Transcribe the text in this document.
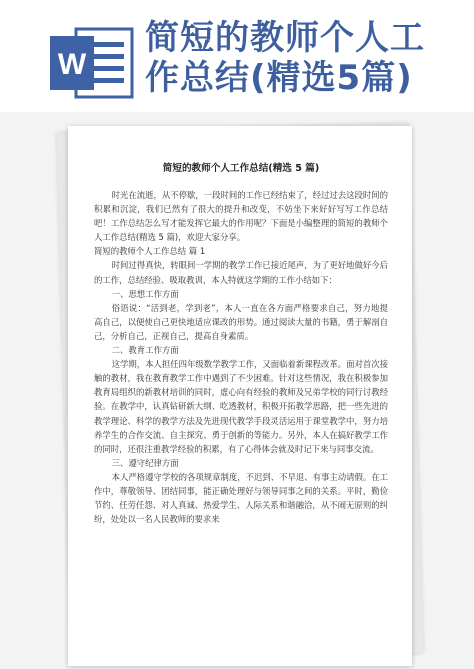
W
简短的教师个人工
作总结(精选5篇)
简短的教师个人工作总结(精选 5 篇)

时光在流逝，从不停歇，一段时间的工作已经结束了，经过过去这段时间的积累和沉淀，我们已然有了很大的提升和改变，不妨坐下来好好写写工作总结吧！工作总结怎么写才能发挥它最大的作用呢？下面是小编整理的简短的教师个人工作总结(精选 5 篇)，欢迎大家分享。

简短的教师个人工作总结 篇 1

时间过得真快，转眼间一学期的教学工作已接近尾声，为了更好地做好今后的工作，总结经验、吸取教训，本人特就这学期的工作小结如下：

一、思想工作方面

俗语说：“活到老，学到老”，本人一直在各方面严格要求自己，努力地提高自己，以便使自己更快地适应课改的形势。通过阅读大量的书籍，勇于解剖自己，分析自己，正视自己，提高自身素质。

二、教育工作方面

这学期，本人担任四年级数学教学工作，又面临着新课程改革。面对首次接触的教材，我在教育教学工作中遇到了不少困难。针对这些情况，我在积极参加教育局组织的新教材培训的同时，虚心向有经验的教师及兄弟学校的同行讨教经验。在教学中，认真钻研新大纲、吃透教材，积极开拓教学思路，把一些先进的教学理论、科学的教学方法及先进现代教学手段灵活运用于课堂教学中，努力培养学生的合作交流、自主探究、勇于创新的等能力。另外，本人在搞好教学工作的同时，还很注重教学经验的积累，有了心得体会就及时记下来与同事交流。

三、遵守纪律方面

本人严格遵守学校的各项规章制度，不迟到、不早退、有事主动请假。在工作中，尊敬领导、团结同事，能正确处理好与领导同事之间的关系。平时，勤俭节约、任劳任怨、对人真诚、热爱学生、人际关系和谐融洽，从不闹无原则的纠纷，处处以一名人民教师的要求来
